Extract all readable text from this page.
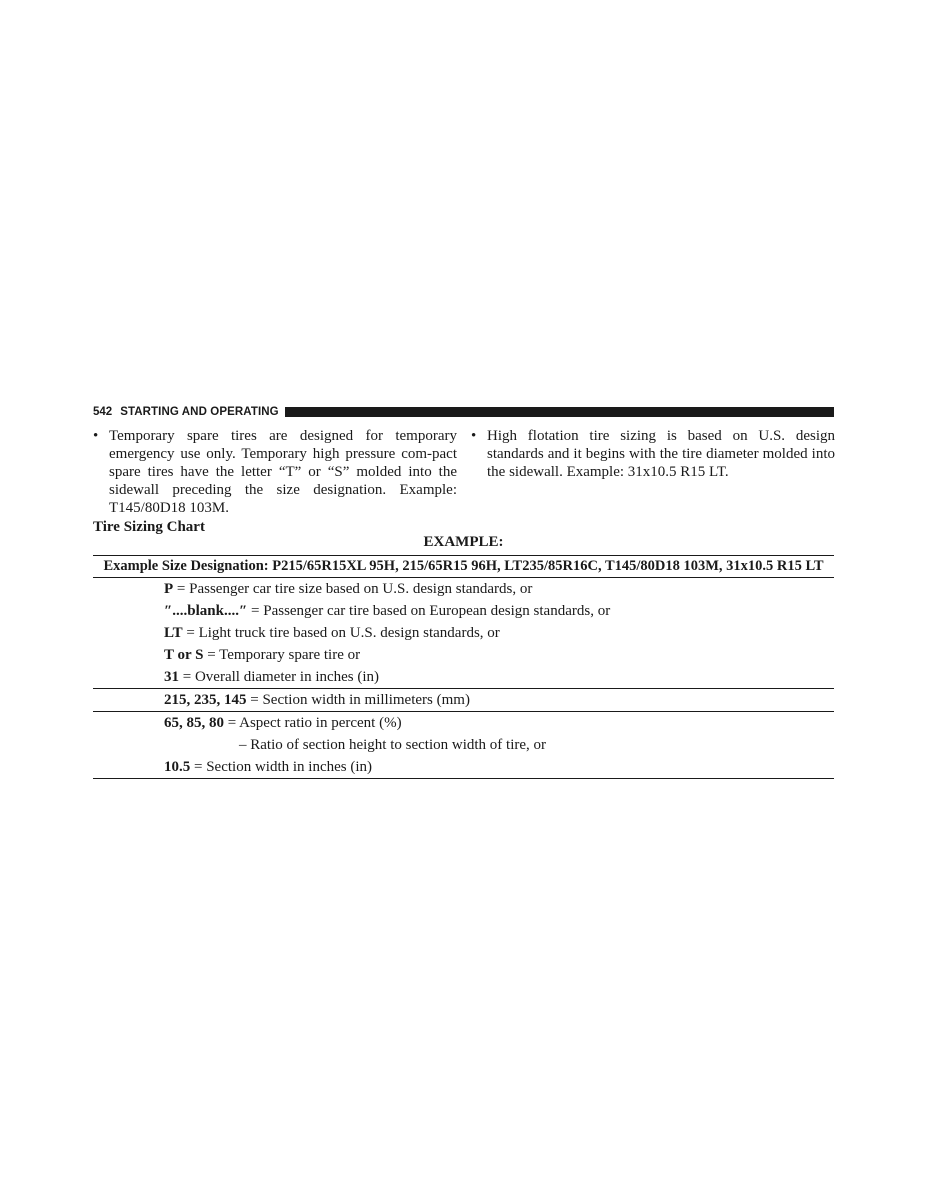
542 STARTING AND OPERATING
• Temporary spare tires are designed for temporary emergency use only. Temporary high pressure com-pact spare tires have the letter “T” or “S” molded into the sidewall preceding the size designation. Example: T145/80D18 103M.
• High flotation tire sizing is based on U.S. design standards and it begins with the tire diameter molded into the sidewall. Example: 31x10.5 R15 LT.
Tire Sizing Chart
EXAMPLE:
Example Size Designation: P215/65R15XL 95H, 215/65R15 96H, LT235/85R16C, T145/80D18 103M, 31x10.5 R15 LT
P = Passenger car tire size based on U.S. design standards, or
″....blank....″ = Passenger car tire based on European design standards, or
LT = Light truck tire based on U.S. design standards, or
T or S = Temporary spare tire or
31 = Overall diameter in inches (in)
215, 235, 145 = Section width in millimeters (mm)
65, 85, 80 = Aspect ratio in percent (%)
– Ratio of section height to section width of tire, or
10.5 = Section width in inches (in)
